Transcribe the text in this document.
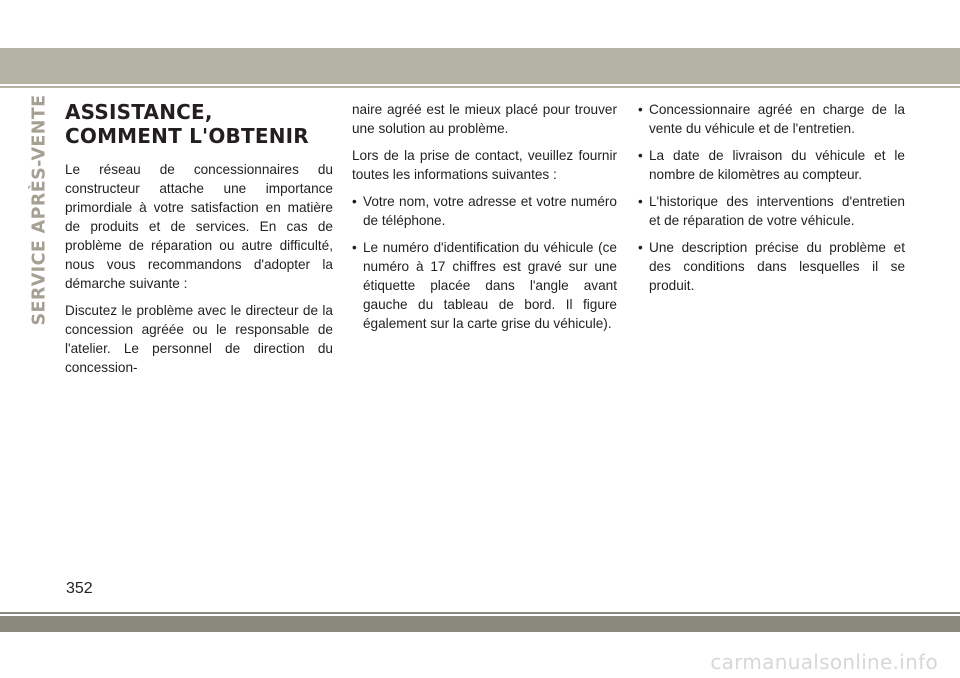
SERVICE APRÈS-VENTE ASSISTANCE, COMMENT L'OBTENIR

Le réseau de concessionnaires du constructeur attache une importance primordiale à votre satisfaction en matière de produits et de services. En cas de problème de réparation ou autre difficulté, nous vous recommandons d'adopter la démarche suivante :

Discutez le problème avec le directeur de la concession agréée ou le responsable de l'atelier. Le personnel de direction du concession-

naire agréé est le mieux placé pour trouver une solution au problème.

Lors de la prise de contact, veuillez fournir toutes les informations suivantes :

• Votre nom, votre adresse et votre numéro de téléphone.
• Le numéro d'identification du véhicule (ce numéro à 17 chiffres est gravé sur une étiquette placée dans l'angle avant gauche du tableau de bord. Il figure également sur la carte grise du véhicule).
• Concessionnaire agréé en charge de la vente du véhicule et de l'entretien.
• La date de livraison du véhicule et le nombre de kilomètres au compteur.
• L'historique des interventions d'entretien et de réparation de votre véhicule.
• Une description précise du problème et des conditions dans lesquelles il se produit.
352
carmanualsonline.info
